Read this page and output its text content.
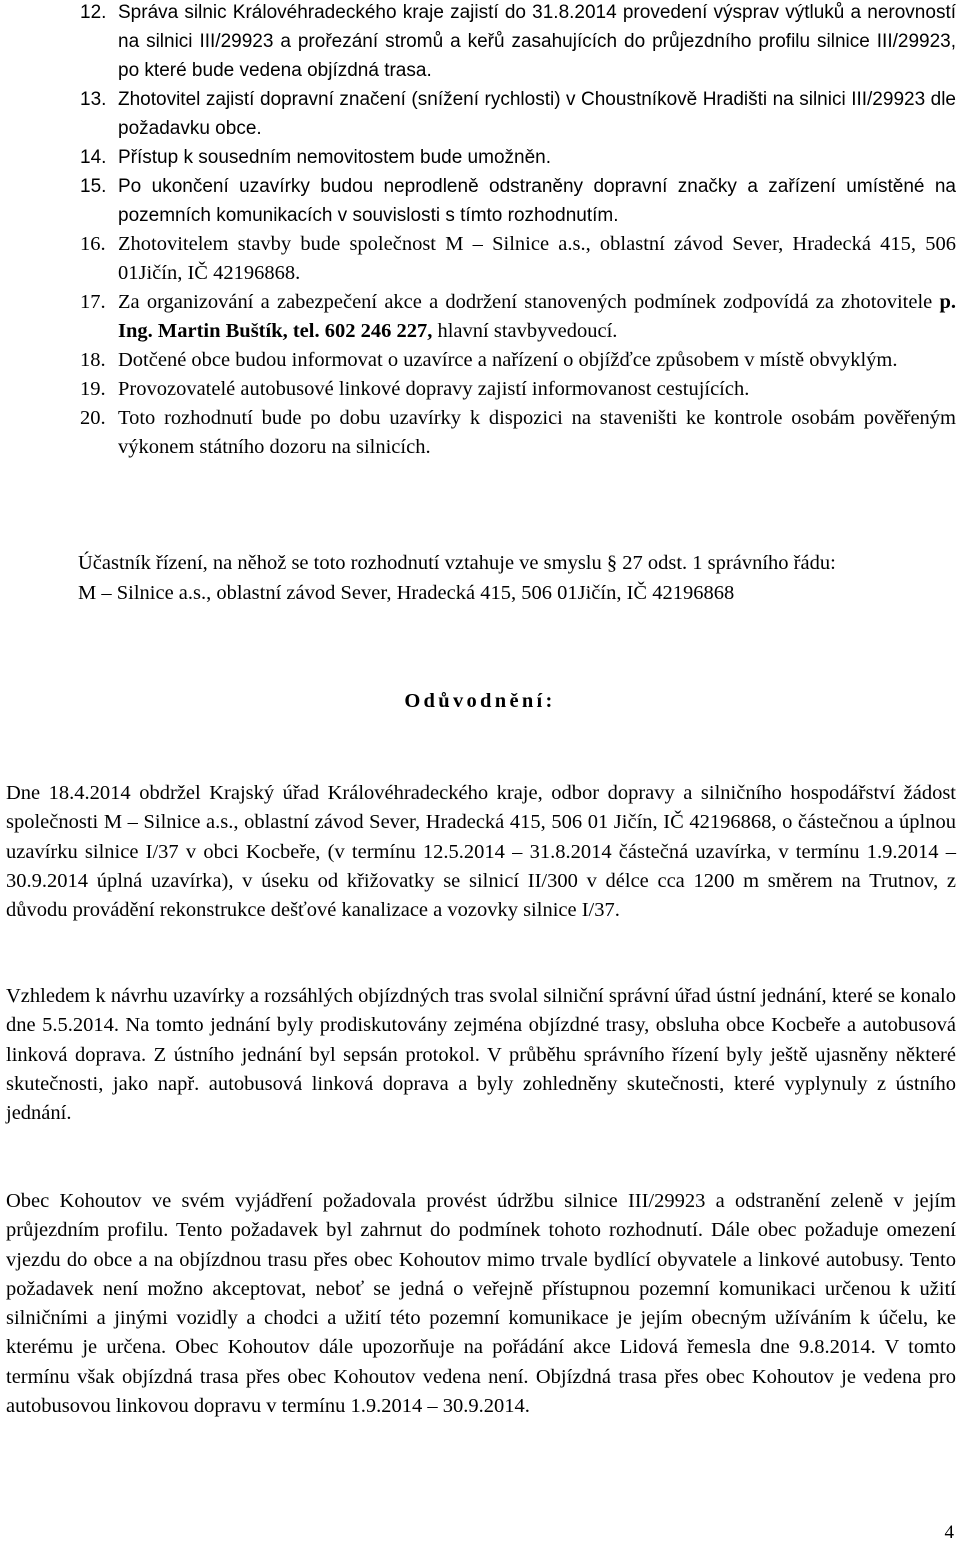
12. Správa silnic Královéhradeckého kraje zajistí do 31.8.2014 provedení výsprav výtluků a nerovností na silnici III/29923 a prořezání stromů a keřů zasahujících do průjezdního profilu silnice III/29923, po které bude vedena objízdná trasa.
13. Zhotovitel zajistí dopravní značení (snížení rychlosti) v Choustníkově Hradišti na silnici III/29923 dle požadavku obce.
14. Přístup k sousedním nemovitostem bude umožněn.
15. Po ukončení uzavírky budou neprodleně odstraněny dopravní značky a zařízení umístěné na pozemních komunikacích v souvislosti s tímto rozhodnutím.
16. Zhotovitelem stavby bude společnost M – Silnice a.s., oblastní závod Sever, Hradecká 415, 506 01Jičín, IČ 42196868.
17. Za organizování a zabezpečení akce a dodržení stanovených podmínek zodpovídá za zhotovitele p. Ing. Martin Buštík, tel. 602 246 227, hlavní stavbyvedoucí.
18. Dotčené obce budou informovat o uzavírce a nařízení o objížďce způsobem v místě obvyklým.
19. Provozovatelé autobusové linkové dopravy zajistí informovanost cestujících.
20. Toto rozhodnutí bude po dobu uzavírky k dispozici na staveništi ke kontrole osobám pověřeným výkonem státního dozoru na silnicích.
Účastník řízení, na něhož se toto rozhodnutí vztahuje ve smyslu § 27 odst. 1 správního řádu:
M – Silnice a.s., oblastní závod Sever, Hradecká 415, 506 01Jičín, IČ 42196868
Odůvodnění:

Dne 18.4.2014 obdržel Krajský úřad Královéhradeckého kraje, odbor dopravy a silničního hospodářství žádost společnosti M – Silnice a.s., oblastní závod Sever, Hradecká 415, 506 01 Jičín, IČ 42196868, o částečnou a úplnou uzavírku silnice I/37 v obci Kocbeře, (v termínu 12.5.2014 – 31.8.2014 částečná uzavírka, v termínu 1.9.2014 – 30.9.2014 úplná uzavírka), v úseku od křižovatky se silnicí II/300 v délce cca 1200 m směrem na Trutnov, z důvodu provádění rekonstrukce dešťové kanalizace a vozovky silnice I/37.

Vzhledem k návrhu uzavírky a rozsáhlých objízdných tras svolal silniční správní úřad ústní jednání, které se konalo dne 5.5.2014. Na tomto jednání byly prodiskutovány zejména objízdné trasy, obsluha obce Kocbeře a autobusová linková doprava. Z ústního jednání byl sepsán protokol. V průběhu správního řízení byly ještě ujasněny některé skutečnosti, jako např. autobusová linková doprava a byly zohledněny skutečnosti, které vyplynuly z ústního jednání.

Obec Kohoutov ve svém vyjádření požadovala provést údržbu silnice III/29923 a odstranění zeleně v jejím průjezdním profilu. Tento požadavek byl zahrnut do podmínek tohoto rozhodnutí. Dále obec požaduje omezení vjezdu do obce a na objízdnou trasu přes obec Kohoutov mimo trvale bydlící obyvatele a linkové autobusy. Tento požadavek není možno akceptovat, neboť se jedná o veřejně přístupnou pozemní komunikaci určenou k užití silničními a jinými vozidly a chodci a užití této pozemní komunikace je jejím obecným užíváním k účelu, ke kterému je určena. Obec Kohoutov dále upozorňuje na pořádání akce Lidová řemesla dne 9.8.2014. V tomto termínu však objízdná trasa přes obec Kohoutov vedena není. Objízdná trasa přes obec Kohoutov je vedena pro autobusovou linkovou dopravu v termínu 1.9.2014 – 30.9.2014.

4
